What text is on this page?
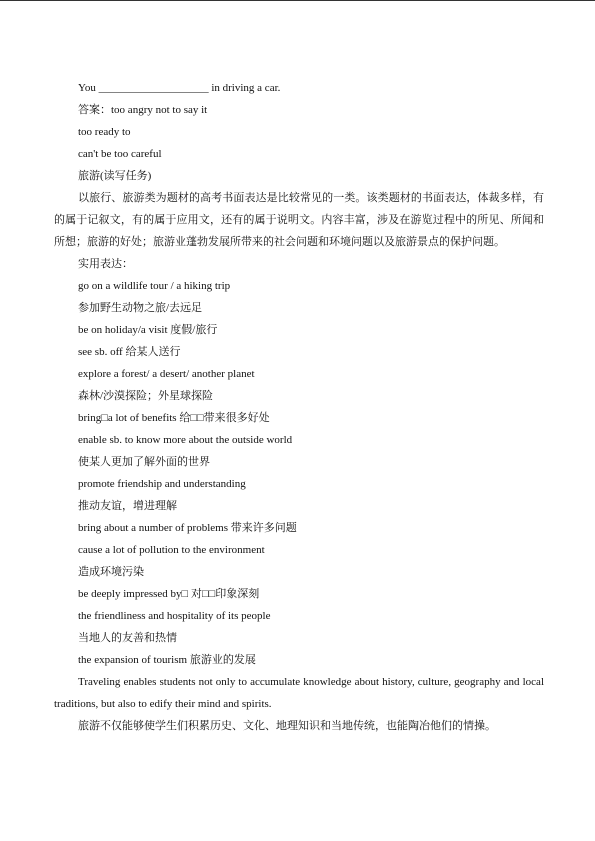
You ____________________ in driving a car.
答案：too angry not to say it
too ready to
can't be too careful
旅游(读写任务)
以旅行、旅游类为题材的高考书面表达是比较常见的一类。该类题材的书面表达，体裁多样，有的属于记叙文，有的属于应用文，还有的属于说明文。内容丰富，涉及在游览过程中的所见、所闻和所想；旅游的好处；旅游业蓬勃发展所带来的社会问题和环境问题以及旅游景点的保护问题。
实用表达：
go on a wildlife tour / a hiking trip
参加野生动物之旅/去远足
be on holiday/a visit 度假/旅行
see sb. off 给某人送行
explore a forest/ a desert/ another planet
森林/沙漠探险；外星球探险
bring□a lot of benefits 给□□带来很多好处
enable sb. to know more about the outside world
使某人更加了解外面的世界
promote friendship and understanding
推动友谊，增进理解
bring about a number of problems 带来许多问题
cause a lot of pollution to the environment
造成环境污染
be deeply impressed by□ 对□□印象深刻
the friendliness and hospitality of its people
当地人的友善和热情
the expansion of tourism 旅游业的发展
Traveling enables students not only to accumulate knowledge about history, culture, geography and local traditions, but also to edify their mind and spirits.
旅游不仅能够使学生们积累历史、文化、地理知识和当地传统，也能陶冶他们的情操。
